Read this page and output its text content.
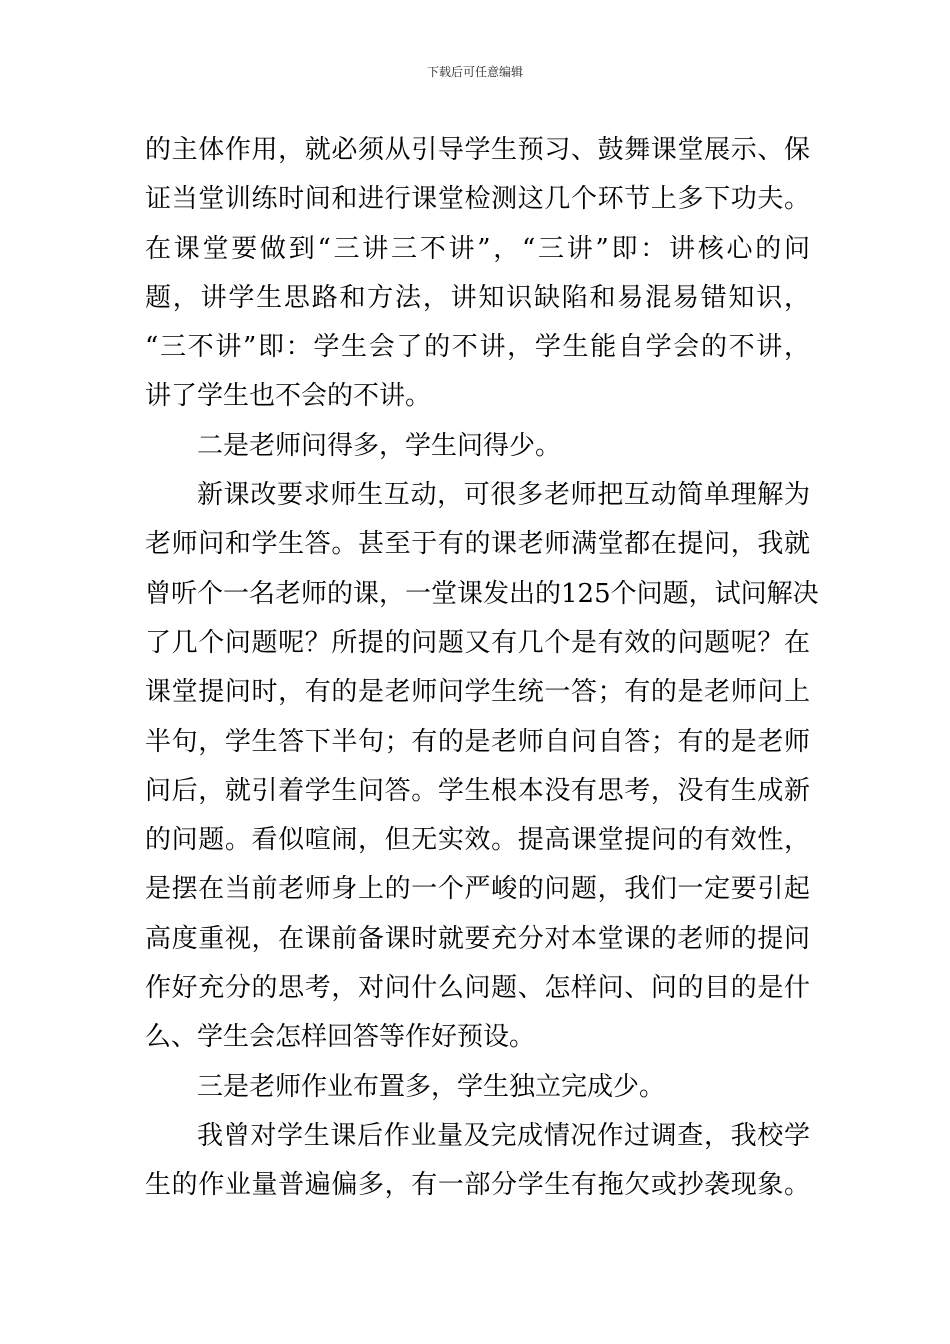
下载后可任意编辑
的主体作用，就必须从引导学生预习、鼓舞课堂展示、保
证当堂训练时间和进行课堂检测这几个环节上多下功夫。
在课堂要做到“三讲三不讲”，“三讲”即：讲核心的问
题，讲学生思路和方法，讲知识缺陷和易混易错知识，
“三不讲”即：学生会了的不讲，学生能自学会的不讲，
讲了学生也不会的不讲。
二是老师问得多，学生问得少。
新课改要求师生互动，可很多老师把互动简单理解为
老师问和学生答。甚至于有的课老师满堂都在提问，我就
曾听个一名老师的课，一堂课发出的125个问题，试问解决
了几个问题呢？所提的问题又有几个是有效的问题呢？在
课堂提问时，有的是老师问学生统一答；有的是老师问上
半句，学生答下半句；有的是老师自问自答；有的是老师
问后，就引着学生问答。学生根本没有思考，没有生成新
的问题。看似喧闹，但无实效。提高课堂提问的有效性，
是摆在当前老师身上的一个严峻的问题，我们一定要引起
高度重视，在课前备课时就要充分对本堂课的老师的提问
作好充分的思考，对问什么问题、怎样问、问的目的是什
么、学生会怎样回答等作好预设。
三是老师作业布置多，学生独立完成少。
我曾对学生课后作业量及完成情况作过调查，我校学
生的作业量普遍偏多，有一部分学生有拖欠或抄袭现象。
